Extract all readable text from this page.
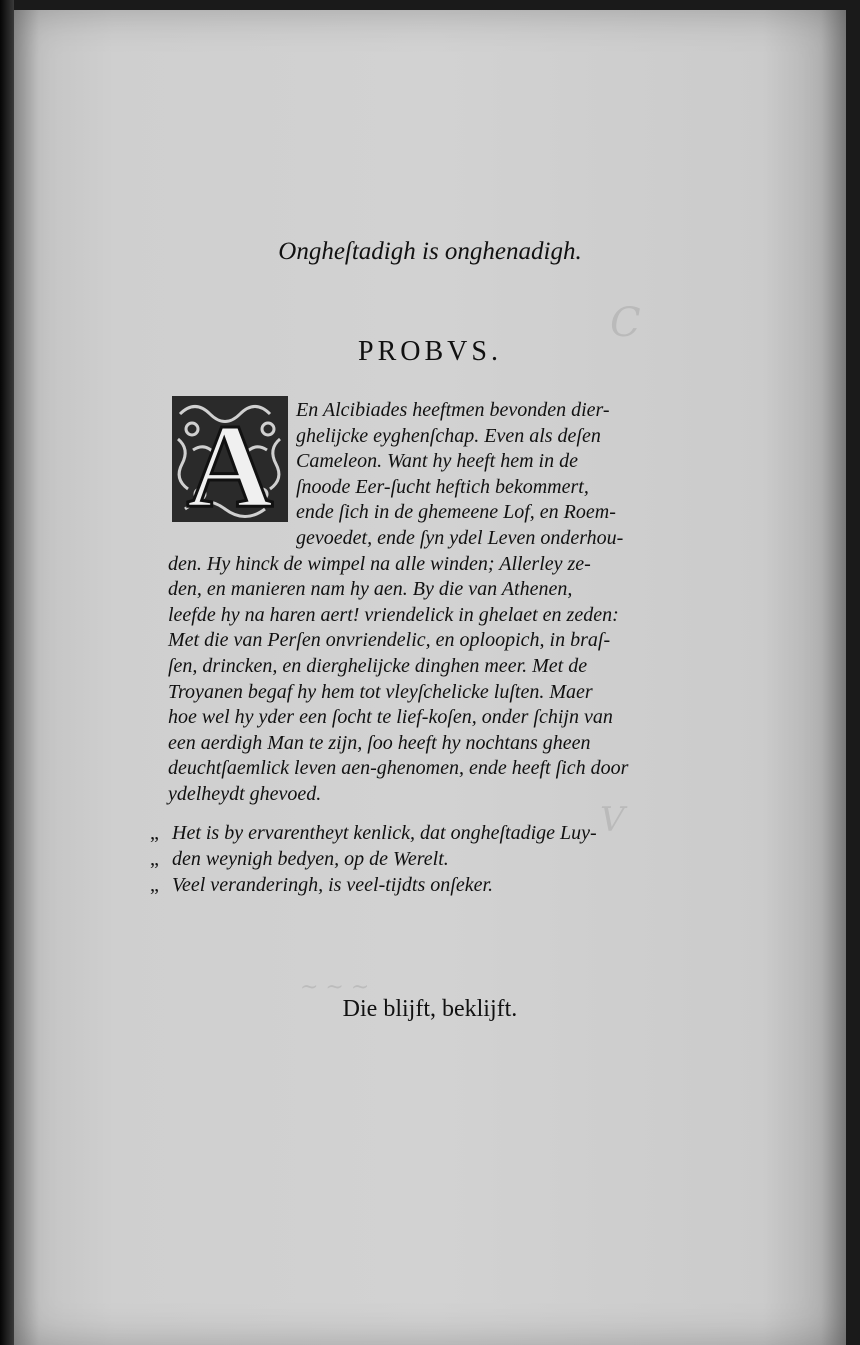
C
V
~ ~ ~
Ongheſtadigh is onghenadigh.
PROBVS.
A	En Alcibiades heeftmen bevonden dier-
ghelijcke eyghenſchap. Even als deſen
Cameleon. Want hy heeft hem in de
ſnoode Eer-ſucht heftich bekommert,
ende ſich in de ghemeene Lof, en Roem-
gevoedet, ende ſyn ydel Leven onderhou-
den. Hy hinck de wimpel na alle winden; Allerley ze-
den, en manieren nam hy aen. By die van Athenen,
leefde hy na haren aert! vriendelick in ghelaet en zeden:
Met die van Perſen onvriendelic, en oploopich, in braſ-
ſen, drincken, en dierghelijcke dinghen meer. Met de
Troyanen begaf hy hem tot vleyſchelicke luſten. Maer
hoe wel hy yder een ſocht te lief-koſen, onder ſchijn van
een aerdigh Man te zijn, ſoo heeft hy nochtans gheen
deuchtſaemlick leven aen-ghenomen, ende heeft ſich door
ydelheydt ghevoed.
„ Het is by ervarentheyt kenlick, dat ongheſtadige Luy-
„ den weynigh bedyen, op de Werelt.
„ Veel veranderingh, is veel-tijdts onſeker.
Die blijft, beklijft.
